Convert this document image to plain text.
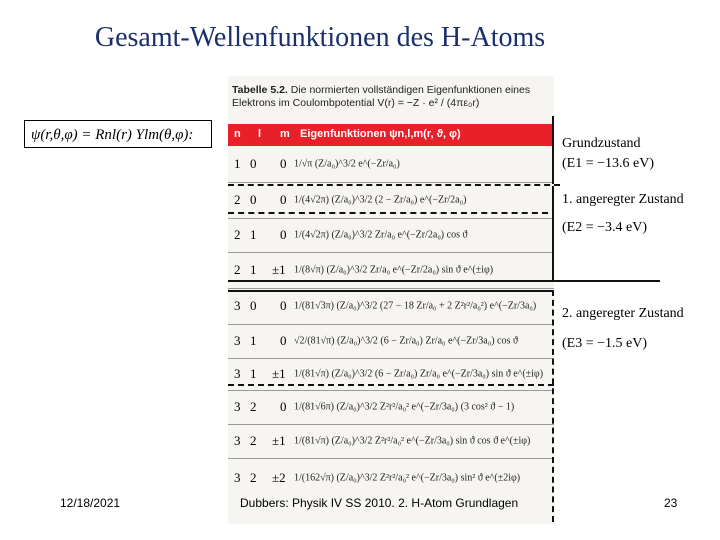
Gesamt-Wellenfunktionen des H-Atoms
ψ(r,θ,φ) = Rnl(r) Ylm(θ,φ):
Tabelle 5.2. Die normierten vollständigen Eigenfunktionen eines Elektrons im Coulombpotential V(r) = −Z · e² / (4πε₀r)
n l m Eigenfunktionen ψn,l,m(r, ϑ, φ)
1 0 0 1/√π (Z/a₀)^3/2 e^(−Zr/a₀)
2 0 0 1/(4√2π) (Z/a₀)^3/2 (2 − Zr/a₀) e^(−Zr/2a₀)
2 1 0 1/(4√2π) (Z/a₀)^3/2 Zr/a₀ e^(−Zr/2a₀) cos ϑ
2 1 ±1 1/(8√π) (Z/a₀)^3/2 Zr/a₀ e^(−Zr/2a₀) sin ϑ e^(±iφ)
3 0 0 1/(81√3π) (Z/a₀)^3/2 (27 − 18 Zr/a₀ + 2 Z²r²/a₀²) e^(−Zr/3a₀)
3 1 0 √2/(81√π) (Z/a₀)^3/2 (6 − Zr/a₀) Zr/a₀ e^(−Zr/3a₀) cos ϑ
3 1 ±1 1/(81√π) (Z/a₀)^3/2 (6 − Zr/a₀) Zr/a₀ e^(−Zr/3a₀) sin ϑ e^(±iφ)
3 2 0 1/(81√6π) (Z/a₀)^3/2 Z²r²/a₀² e^(−Zr/3a₀) (3 cos² ϑ − 1)
3 2 ±1 1/(81√π) (Z/a₀)^3/2 Z²r²/a₀² e^(−Zr/3a₀) sin ϑ cos ϑ e^(±iφ)
3 2 ±2 1/(162√π) (Z/a₀)^3/2 Z²r²/a₀² e^(−Zr/3a₀) sin² ϑ e^(±2iφ)
Grundzustand
(E1 = −13.6 eV)
1. angeregter Zustand
(E2 = −3.4 eV)
2. angeregter Zustand
(E3 = −1.5 eV)
12/18/2021	Dubbers: Physik IV SS 2010. 2. H-Atom Grundlagen	23
